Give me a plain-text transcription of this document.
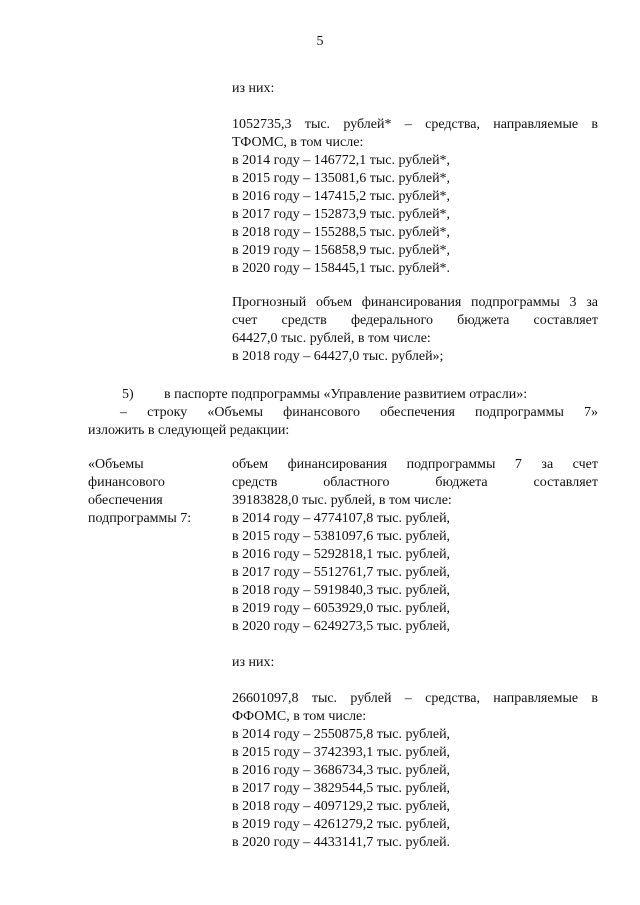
5
из них:
1052735,3 тыс. рублей* – средства, направляемые в
ТФОМС, в том числе:
в 2014 году – 146772,1 тыс. рублей*,
в 2015 году – 135081,6 тыс. рублей*,
в 2016 году – 147415,2 тыс. рублей*,
в 2017 году – 152873,9 тыс. рублей*,
в 2018 году – 155288,5 тыс. рублей*,
в 2019 году – 156858,9 тыс. рублей*,
в 2020 году – 158445,1 тыс. рублей*.
Прогнозный объем финансирования подпрограммы 3 за
счет средств федерального бюджета составляет
64427,0 тыс. рублей, в том числе:
в 2018 году – 64427,0 тыс. рублей»;
5) в паспорте подпрограммы «Управление развитием отрасли»:
– строку «Объемы финансового обеспечения подпрограммы 7»
изложить в следующей редакции:
«Объемы
финансового
обеспечения
подпрограммы 7:
объем финансирования подпрограммы 7 за счет
средств областного бюджета составляет
39183828,0 тыс. рублей, в том числе:
в 2014 году – 4774107,8 тыс. рублей,
в 2015 году – 5381097,6 тыс. рублей,
в 2016 году – 5292818,1 тыс. рублей,
в 2017 году – 5512761,7 тыс. рублей,
в 2018 году – 5919840,3 тыс. рублей,
в 2019 году – 6053929,0 тыс. рублей,
в 2020 году – 6249273,5 тыс. рублей,
из них:
26601097,8 тыс. рублей – средства, направляемые в
ФФОМС, в том числе:
в 2014 году – 2550875,8 тыс. рублей,
в 2015 году – 3742393,1 тыс. рублей,
в 2016 году – 3686734,3 тыс. рублей,
в 2017 году – 3829544,5 тыс. рублей,
в 2018 году – 4097129,2 тыс. рублей,
в 2019 году – 4261279,2 тыс. рублей,
в 2020 году – 4433141,7 тыс. рублей.
